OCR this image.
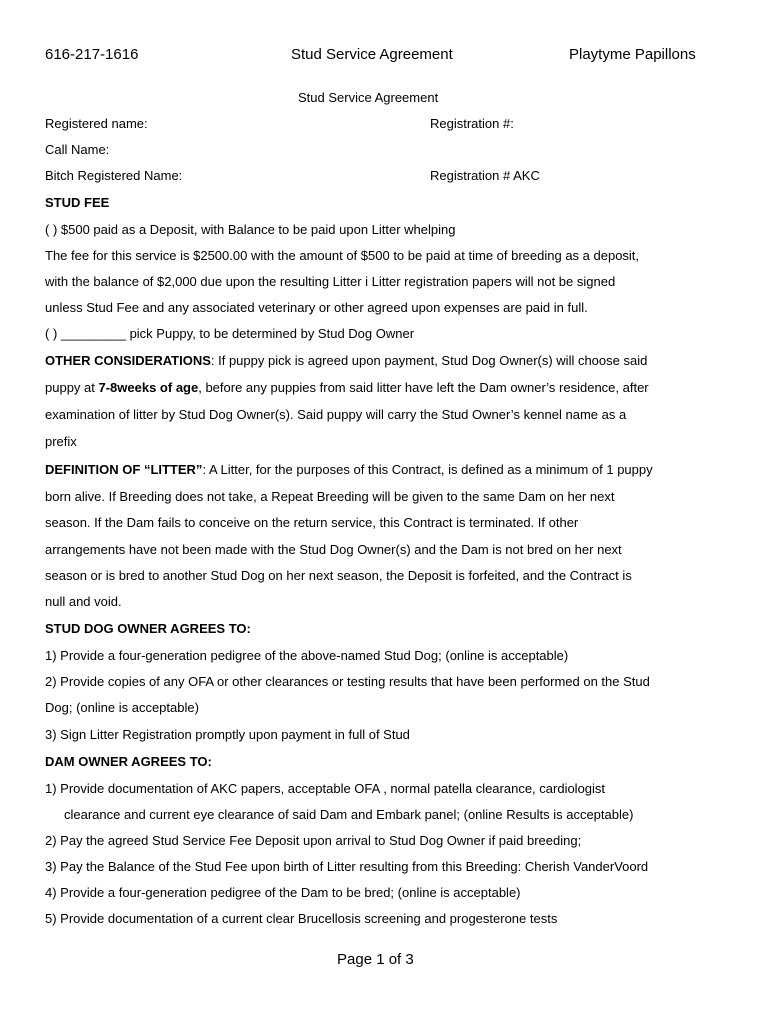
616-217-1616	Stud Service Agreement	Playtyme Papillons
Stud Service Agreement
Registered name:	Registration #:
Call Name:
Bitch Registered Name:	Registration # AKC
STUD FEE
( ) $500 paid as a Deposit, with Balance to be paid upon Litter whelping
The fee for this service is $2500.00 with the amount of $500 to be paid at time of breeding as a deposit,
with the balance of $2,000 due upon the resulting Litter i Litter registration papers will not be signed
unless Stud Fee and any associated veterinary or other agreed upon expenses are paid in full.
( ) _________ pick Puppy, to be determined by Stud Dog Owner
OTHER CONSIDERATIONS: If puppy pick is agreed upon payment, Stud Dog Owner(s) will choose said
puppy at 7-8weeks of age, before any puppies from said litter have left the Dam owner’s residence, after
examination of litter by Stud Dog Owner(s). Said puppy will carry the Stud Owner’s kennel name as a
prefix
DEFINITION OF “LITTER”: A Litter, for the purposes of this Contract, is defined as a minimum of 1 puppy
born alive. If Breeding does not take, a Repeat Breeding will be given to the same Dam on her next
season. If the Dam fails to conceive on the return service, this Contract is terminated. If other
arrangements have not been made with the Stud Dog Owner(s) and the Dam is not bred on her next
season or is bred to another Stud Dog on her next season, the Deposit is forfeited, and the Contract is
null and void.
STUD DOG OWNER AGREES TO:
1) Provide a four-generation pedigree of the above-named Stud Dog; (online is acceptable)
2) Provide copies of any OFA or other clearances or testing results that have been performed on the Stud
Dog; (online is acceptable)
3) Sign Litter Registration promptly upon payment in full of Stud
DAM OWNER AGREES TO:
1) Provide documentation of AKC papers, acceptable OFA , normal patella clearance, cardiologist
clearance and current eye clearance of said Dam and Embark panel; (online Results is acceptable)
2) Pay the agreed Stud Service Fee Deposit upon arrival to Stud Dog Owner if paid breeding;
3) Pay the Balance of the Stud Fee upon birth of Litter resulting from this Breeding: Cherish VanderVoord
4) Provide a four-generation pedigree of the Dam to be bred; (online is acceptable)
5) Provide documentation of a current clear Brucellosis screening and progesterone tests
Page 1 of 3
